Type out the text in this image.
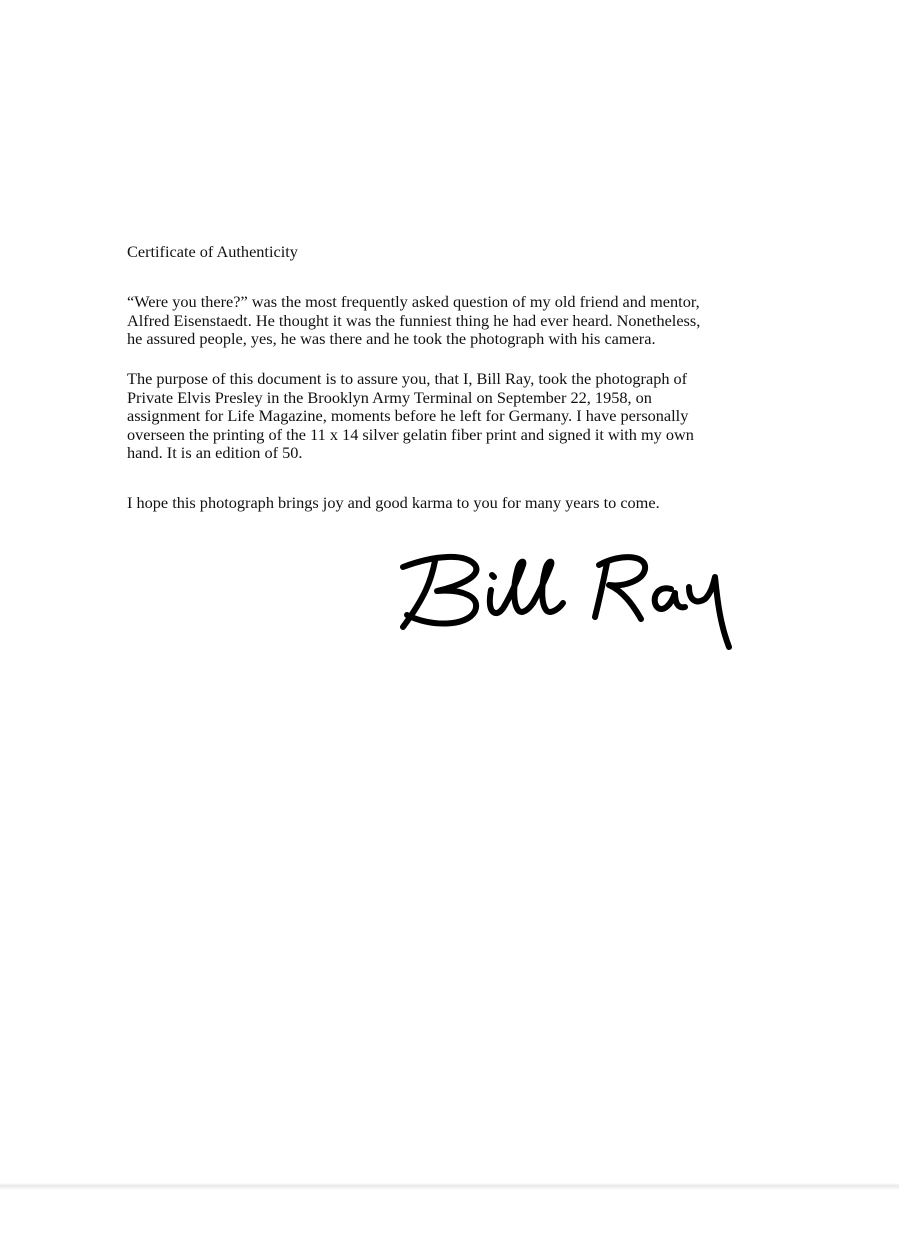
Certificate of Authenticity

“Were you there?” was the most frequently asked question of my old friend and mentor,
Alfred Eisenstaedt. He thought it was the funniest thing he had ever heard. Nonetheless,
he assured people, yes, he was there and he took the photograph with his camera.

The purpose of this document is to assure you, that I, Bill Ray, took the photograph of
Private Elvis Presley in the Brooklyn Army Terminal on September 22, 1958, on
assignment for Life Magazine, moments before he left for Germany. I have personally
overseen the printing of the 11 x 14 silver gelatin fiber print and signed it with my own
hand. It is an edition of 50.

I hope this photograph brings joy and good karma to you for many years to come.
